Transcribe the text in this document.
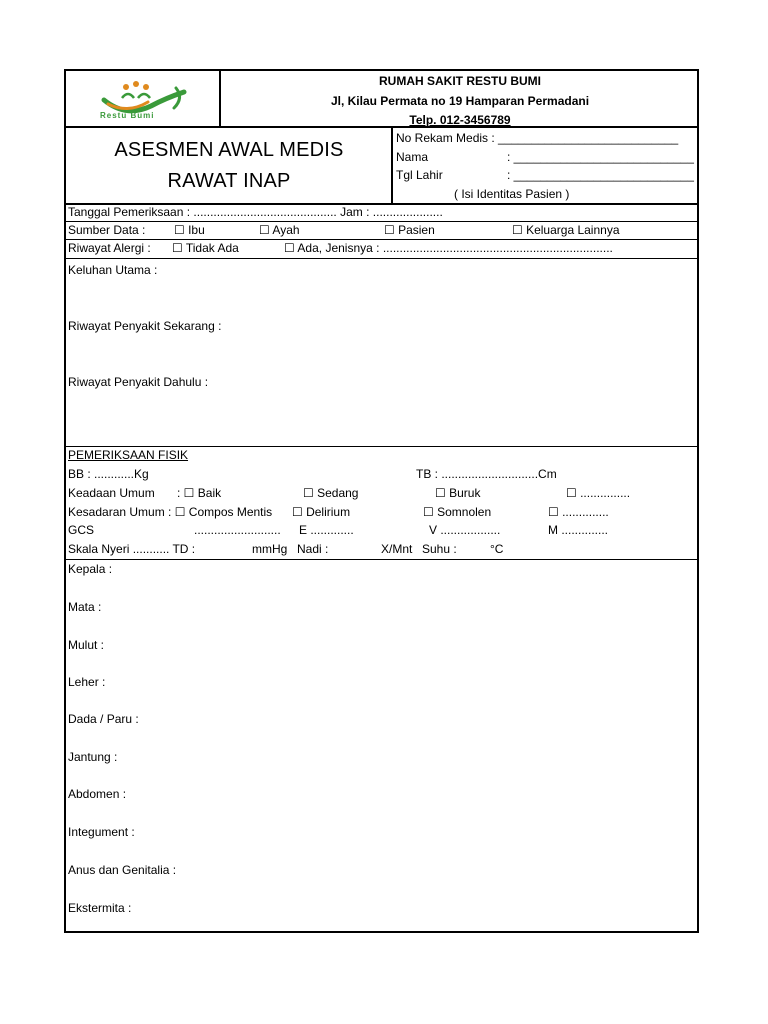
Restu Bumi
RUMAH SAKIT RESTU BUMI
Jl, Kilau Permata no 19 Hamparan Permadani
Telp. 012-3456789
ASESMEN AWAL MEDIS
RAWAT INAP
No Rekam Medis : ___________________________
Nama	: ___________________________
Tgl Lahir	: ___________________________
( Isi Identitas Pasien )
Tanggal Pemeriksaan : ........................................... Jam : .....................
Sumber Data : ☐ Ibu	☐ Ayah	☐ Pasien	☐ Keluarga Lainnya
Riwayat Alergi : ☐ Tidak Ada	☐ Ada, Jenisnya : .....................................................................
Keluhan Utama :
Riwayat Penyakit Sekarang :
Riwayat Penyakit Dahulu :
PEMERIKSAAN FISIK
BB : ............Kg	TB : .............................Cm
Keadaan Umum : ☐ Baik	☐ Sedang	☐ Buruk	☐ ...............
Kesadaran Umum : ☐ Compos Mentis ☐ Delirium	☐ Somnolen	☐ ..............
GCS	.......................... E .............	V ..................	M ..............
Skala Nyeri ........... TD :	mmHg Nadi :	X/Mnt Suhu :	°C
Kepala :
Mata :
Mulut :
Leher :
Dada / Paru :
Jantung :
Abdomen :
Integument :
Anus dan Genitalia :
Ekstermita :
